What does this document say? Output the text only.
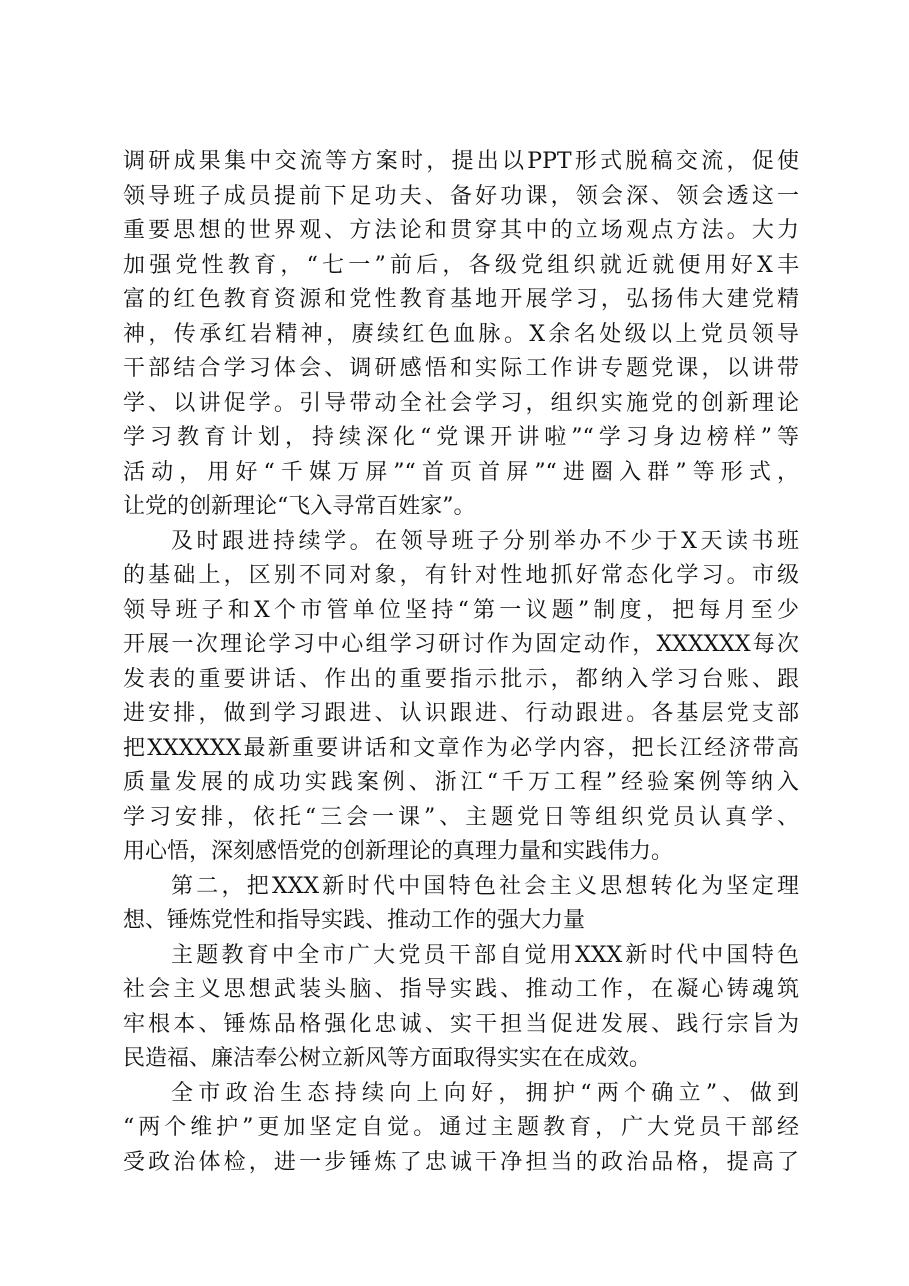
调研成果集中交流等方案时，提出以PPT形式脱稿交流，促使
领导班子成员提前下足功夫、备好功课，领会深、领会透这一
重要思想的世界观、方法论和贯穿其中的立场观点方法。大力
加强党性教育，“七一”前后，各级党组织就近就便用好X丰
富的红色教育资源和党性教育基地开展学习，弘扬伟大建党精
神，传承红岩精神，赓续红色血脉。X余名处级以上党员领导
干部结合学习体会、调研感悟和实际工作讲专题党课，以讲带
学、以讲促学。引导带动全社会学习，组织实施党的创新理论
学习教育计划，持续深化“党课开讲啦”“学习身边榜样”等
活动，用好“千媒万屏”“首页首屏”“进圈入群”等形式，
让党的创新理论“飞入寻常百姓家”。
及时跟进持续学。在领导班子分别举办不少于X天读书班
的基础上，区别不同对象，有针对性地抓好常态化学习。市级
领导班子和X个市管单位坚持“第一议题”制度，把每月至少
开展一次理论学习中心组学习研讨作为固定动作，XXXXXX每次
发表的重要讲话、作出的重要指示批示，都纳入学习台账、跟
进安排，做到学习跟进、认识跟进、行动跟进。各基层党支部
把XXXXXX最新重要讲话和文章作为必学内容，把长江经济带高
质量发展的成功实践案例、浙江“千万工程”经验案例等纳入
学习安排，依托“三会一课”、主题党日等组织党员认真学、
用心悟，深刻感悟党的创新理论的真理力量和实践伟力。
第二，把XXX新时代中国特色社会主义思想转化为坚定理
想、锤炼党性和指导实践、推动工作的强大力量
主题教育中全市广大党员干部自觉用XXX新时代中国特色
社会主义思想武装头脑、指导实践、推动工作，在凝心铸魂筑
牢根本、锤炼品格强化忠诚、实干担当促进发展、践行宗旨为
民造福、廉洁奉公树立新风等方面取得实实在在成效。
全市政治生态持续向上向好，拥护“两个确立”、做到
“两个维护”更加坚定自觉。通过主题教育，广大党员干部经
受政治体检，进一步锤炼了忠诚干净担当的政治品格，提高了
